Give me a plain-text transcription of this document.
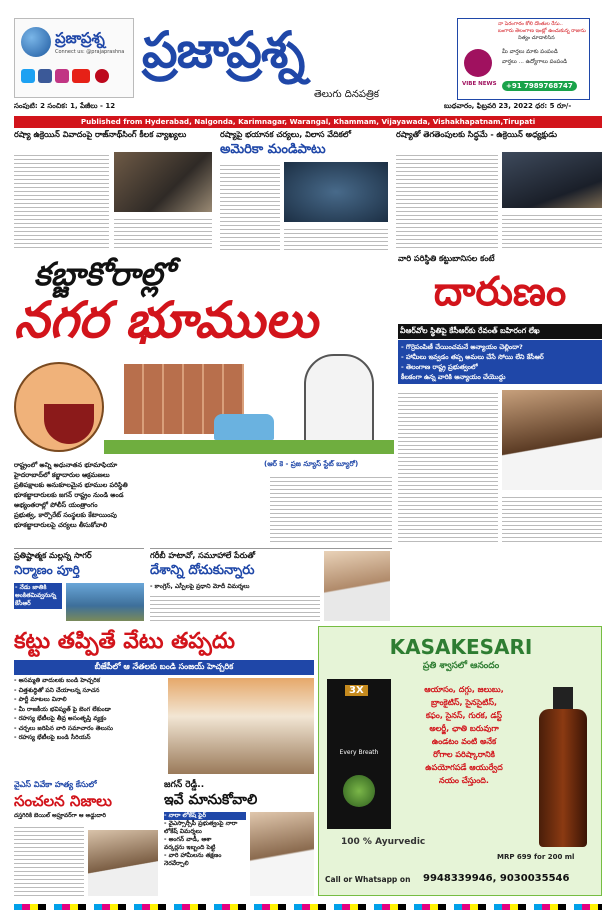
ప్రజాప్రశ్న
Connect us: @prajaprashna ప్రజాప్రశ్న
తెలుగు దినపత్రిక
నా పెరంగారం కోలి దొంతుల రేసు..
బంగారు తెలంగాణ ఇంట్లో ఉంచుకున్న రాజును
నిత్యం చూడాలిసిన
VIBE NEWS
మీ వార్తలు మాకు పంపండి
వార్తలు ... ఉద్యోగాలు పంపండి
+91 7989768747
సంపుటి: 2 సంచిక: 1, పేజీలు - 12	బుధవారం, ఫిబ్రవరి 23, 2022 ధర: 5 రూ/-
Published from Hyderabad, Nalgonda, Karimnagar, Warangal, Khammam, Vijayawada, Vishakhapatnam,Tirupati
రష్యా ఉక్రెయిన్ వివాదంపై రాజ్‌నాథ్‌సింగ్ కీలక వ్యాఖ్యలు	రష్యాపై భయానక చర్యలు, విలాస వేదికలో
అమెరికా మండిపాటు
రష్యాతో తెగతెంపులకు సిద్ధమే - ఉక్రెయిన్ అధ్యక్షుడు
కబ్జాకోరాల్లో
నగర భూములు
(ఆర్ కె - ప్రజ న్యూస్ స్టేట్ బ్యూరో)
రాష్ట్రంలో అన్ని అధునాతన భూమాఫియా
హైదరాబాద్‌లో కబ్జాదారుల ఆక్రమణలు
ప్రతిపక్షాలకు అనుకూలమైన భూముల పరిస్థితి
భూకబ్జాదారులకు జగన్ రాష్ట్రం నుండి అండ
అభ్యంతరాల్లో పోలీస్ యంత్రాంగం
ప్రభుత్వ, కార్పొరేట్ సంస్థలకు కేటాయింపు
భూకబ్జాదారులపై చర్యలు తీసుకోవాలి
వారి పరిస్థితి కట్టుబానిసల కంటే
దారుణం
వీఆర్‌వోల స్థితిపై కేసీఆర్‌కు రేవంత్ బహిరంగ లేఖ
- గొర్రెపంపిణీ చేయించమనే అన్యాయం చెల్లిందా?
- హామీలు ఇవ్వడం తప్ప అమలు చేసే సోయి లేని కేసీఆర్
- తెలంగాణ రాష్ట్ర ప్రభుత్వంలో
కీలకంగా ఉన్న వారికి అన్యాయం చేయొద్దు
ప్రతిష్టాత్మక మల్లన్న సాగర్
నిర్మాణం పూర్తి
- నేడు జాతికి అంకితమివ్వనున్న కేసీఆర్
గరీబీ హటావో, సమూహాలే పేరుతో
దేశాన్ని దోచుకున్నారు
- కాంగ్రెస్, ఎస్పీలపై ప్రధాని మోదీ విమర్శలు
కట్టు తప్పితే వేటు తప్పదు
బీజేపీలో ఆ నేతలకు బండి సంజయ్ హెచ్చరిక
- అసమ్మతి వాదులకు బండి హెచ్చరిక
- చిత్తశుద్ధితో పని చేయాలన్న సూచన
- పార్టీ మాటలు వినాలి
- మీ రాజకీయ భవిష్యత్ పై బెంగ లేకుండా
- రహస్య భేటీలపై తీవ్ర అసంతృప్తి వ్యక్తం
- చర్చలు జరిపిన వారి సమాచారం తెలుసు
- రహస్య భేటీలపై బండి సీరియస్
KASAKESARI
ప్రతి శ్వాసలో ఆనందం
3X
Every Breath
ఆయాసం, దగ్గు, జలుబు,
బ్రాంకైటిస్, సైనసైటిస్,
కఫం, సైనస్, గురక, డస్ట్
అలర్జీ, ఛాతి బరువుగా
ఉండటం వంటి అనేక
రోగాల పరిష్కారానికి
ఉపయోగపడే ఆయుర్వేద
నయం చేస్తుంది.
100 % Ayurvedic
MRP 699 for 200 ml
Call or Whatsapp on 9948339946, 9030035546
వైఎస్ వివేకా హత్య కేసులో
సంచలన నిజాలు
దస్తగిరికి బెయిల్ అప్రూవర్‌గా ఆ అడ్డుదారి
జగన్ రెడ్డీ..
ఇవే మానుకోవాలి
- నారా లోకేష్ ఫైర్
- వైఎస్సార్సీపీ ప్రభుత్వంపై నారా లోకేష్ విమర్శలు
- అంగన్ వాడీ, ఆశా
వర్కర్లను ఇబ్బంది పెట్టి
- వారి హామీలను తక్షణం నెరవేర్చాలి
